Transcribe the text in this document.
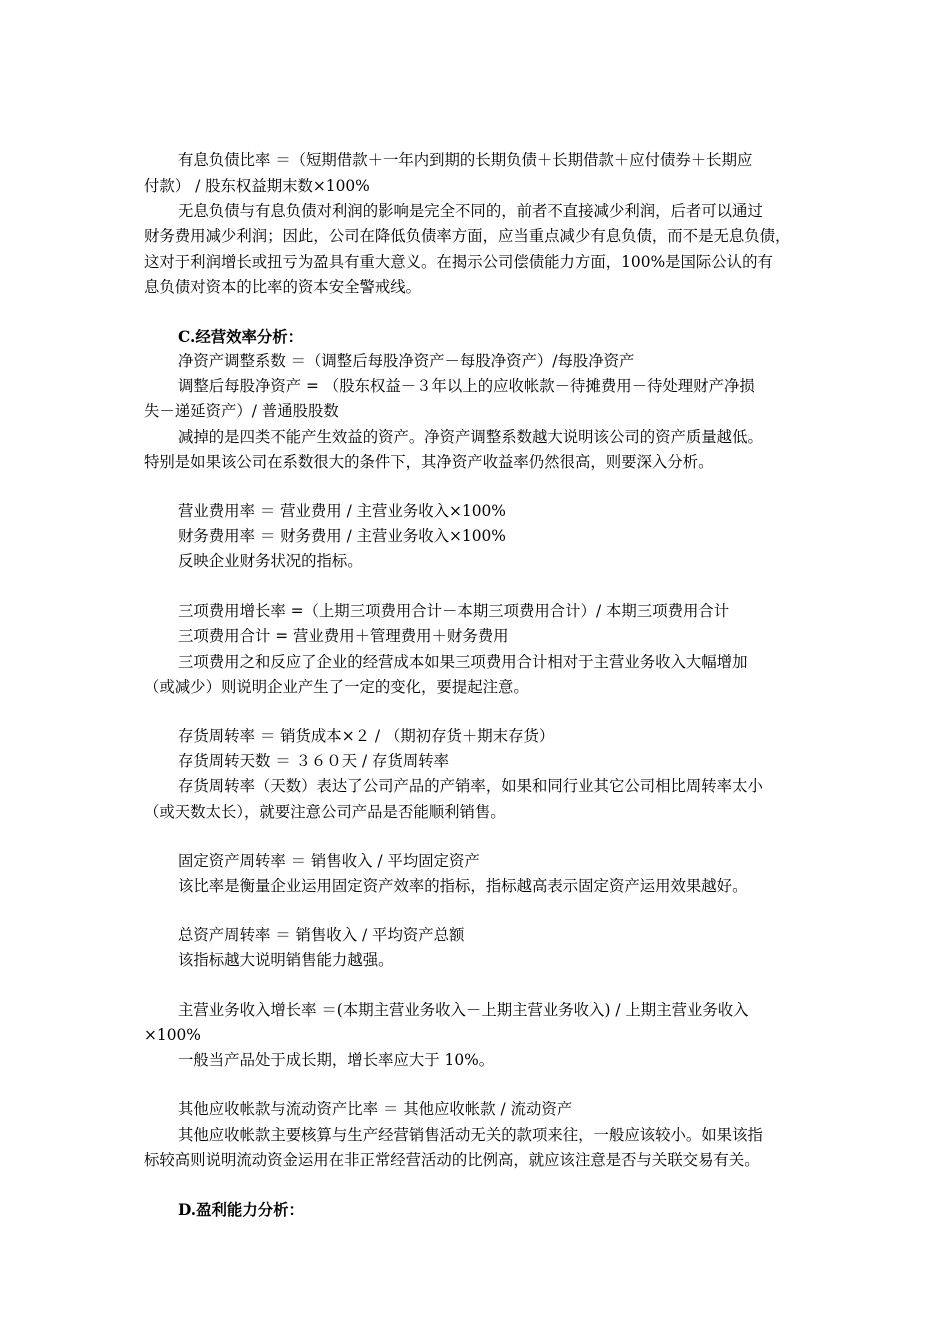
有息负债比率 ＝（短期借款＋一年内到期的长期负债＋长期借款＋应付债券＋长期应
付款） / 股东权益期末数×100%
无息负债与有息负债对利润的影响是完全不同的，前者不直接减少利润，后者可以通过
财务费用减少利润；因此，公司在降低负债率方面，应当重点减少有息负债，而不是无息负债，
这对于利润增长或扭亏为盈具有重大意义。在揭示公司偿债能力方面，100%是国际公认的有
息负债对资本的比率的资本安全警戒线。
C.经营效率分析：
净资产调整系数 ＝（调整后每股净资产－每股净资产）/每股净资产
调整后每股净资产 = （股东权益－３年以上的应收帐款－待摊费用－待处理财产净损
失－递延资产）/ 普通股股数
减掉的是四类不能产生效益的资产。净资产调整系数越大说明该公司的资产质量越低。
特别是如果该公司在系数很大的条件下，其净资产收益率仍然很高，则要深入分析。
营业费用率 ＝ 营业费用 / 主营业务收入×100%
财务费用率 ＝ 财务费用 / 主营业务收入×100%
反映企业财务状况的指标。
三项费用增长率 =（上期三项费用合计－本期三项费用合计）/ 本期三项费用合计
三项费用合计 = 营业费用＋管理费用＋财务费用
三项费用之和反应了企业的经营成本如果三项费用合计相对于主营业务收入大幅增加
（或减少）则说明企业产生了一定的变化，要提起注意。
存货周转率 ＝ 销货成本×２ / （期初存货＋期末存货）
存货周转天数 ＝ ３６０天 / 存货周转率
存货周转率（天数）表达了公司产品的产销率，如果和同行业其它公司相比周转率太小
（或天数太长），就要注意公司产品是否能顺利销售。
固定资产周转率 ＝ 销售收入 / 平均固定资产
该比率是衡量企业运用固定资产效率的指标，指标越高表示固定资产运用效果越好。
总资产周转率 ＝ 销售收入 / 平均资产总额
该指标越大说明销售能力越强。
主营业务收入增长率 ＝(本期主营业务收入－上期主营业务收入) / 上期主营业务收入
×100%
一般当产品处于成长期，增长率应大于 10%。
其他应收帐款与流动资产比率 ＝ 其他应收帐款 / 流动资产
其他应收帐款主要核算与生产经营销售活动无关的款项来往，一般应该较小。如果该指
标较高则说明流动资金运用在非正常经营活动的比例高，就应该注意是否与关联交易有关。
D.盈利能力分析：
